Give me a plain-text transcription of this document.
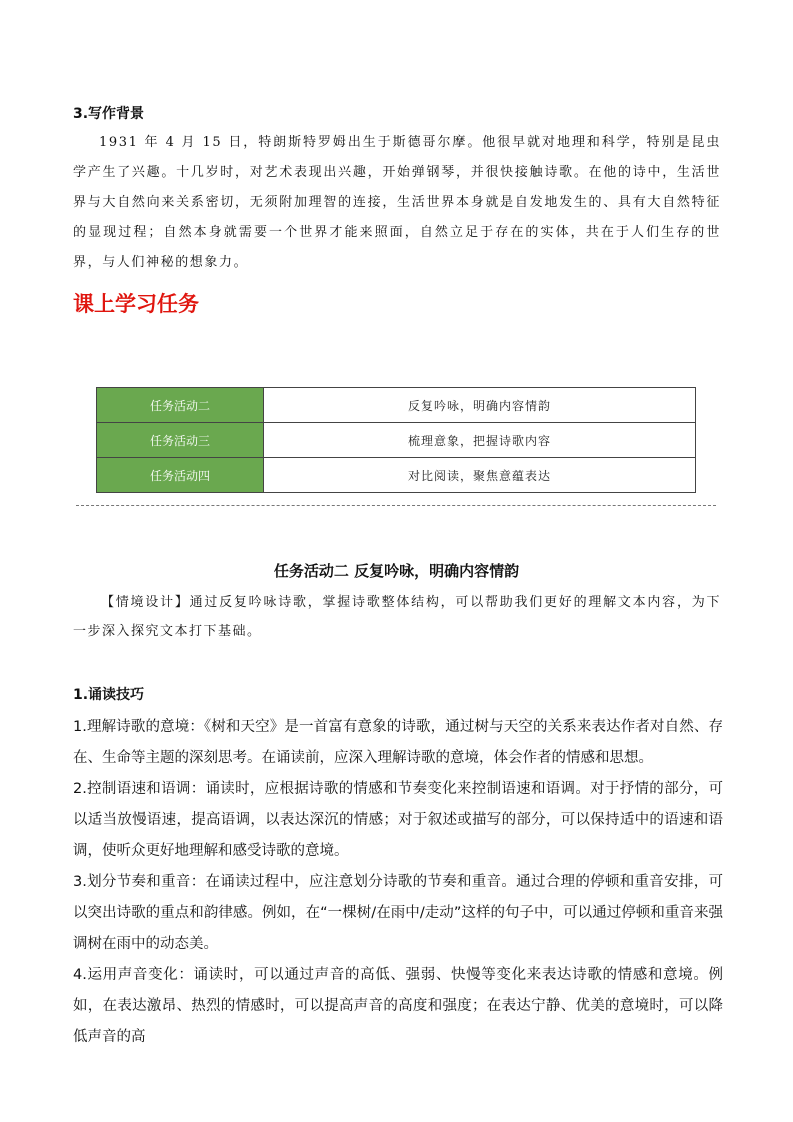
3.写作背景
1931 年 4 月 15 日，特朗斯特罗姆出生于斯德哥尔摩。他很早就对地理和科学，特别是昆虫学产生了兴趣。十几岁时，对艺术表现出兴趣，开始弹钢琴，并很快接触诗歌。在他的诗中，生活世界与大自然向来关系密切，无须附加理智的连接，生活世界本身就是自发地发生的、具有大自然特征的显现过程；自然本身就需要一个世界才能来照面，自然立足于存在的实体，共在于人们生存的世界，与人们神秘的想象力。
课上学习任务
任务活动二	反复吟咏，明确内容情韵
任务活动三	梳理意象，把握诗歌内容
任务活动四	对比阅读，聚焦意蕴表达
任务活动二 反复吟咏，明确内容情韵
【情境设计】通过反复吟咏诗歌，掌握诗歌整体结构，可以帮助我们更好的理解文本内容，为下一步深入探究文本打下基础。
1.诵读技巧

1.理解诗歌的意境：《树和天空》是一首富有意象的诗歌，通过树与天空的关系来表达作者对自然、存在、生命等主题的深刻思考。在诵读前，应深入理解诗歌的意境，体会作者的情感和思想。

2.控制语速和语调：诵读时，应根据诗歌的情感和节奏变化来控制语速和语调。对于抒情的部分，可以适当放慢语速，提高语调，以表达深沉的情感；对于叙述或描写的部分，可以保持适中的语速和语调，使听众更好地理解和感受诗歌的意境。

3.划分节奏和重音：在诵读过程中，应注意划分诗歌的节奏和重音。通过合理的停顿和重音安排，可以突出诗歌的重点和韵律感。例如，在“一棵树/在雨中/走动”这样的句子中，可以通过停顿和重音来强调树在雨中的动态美。

4.运用声音变化：诵读时，可以通过声音的高低、强弱、快慢等变化来表达诗歌的情感和意境。例如，在表达激昂、热烈的情感时，可以提高声音的高度和强度；在表达宁静、优美的意境时，可以降低声音的高
